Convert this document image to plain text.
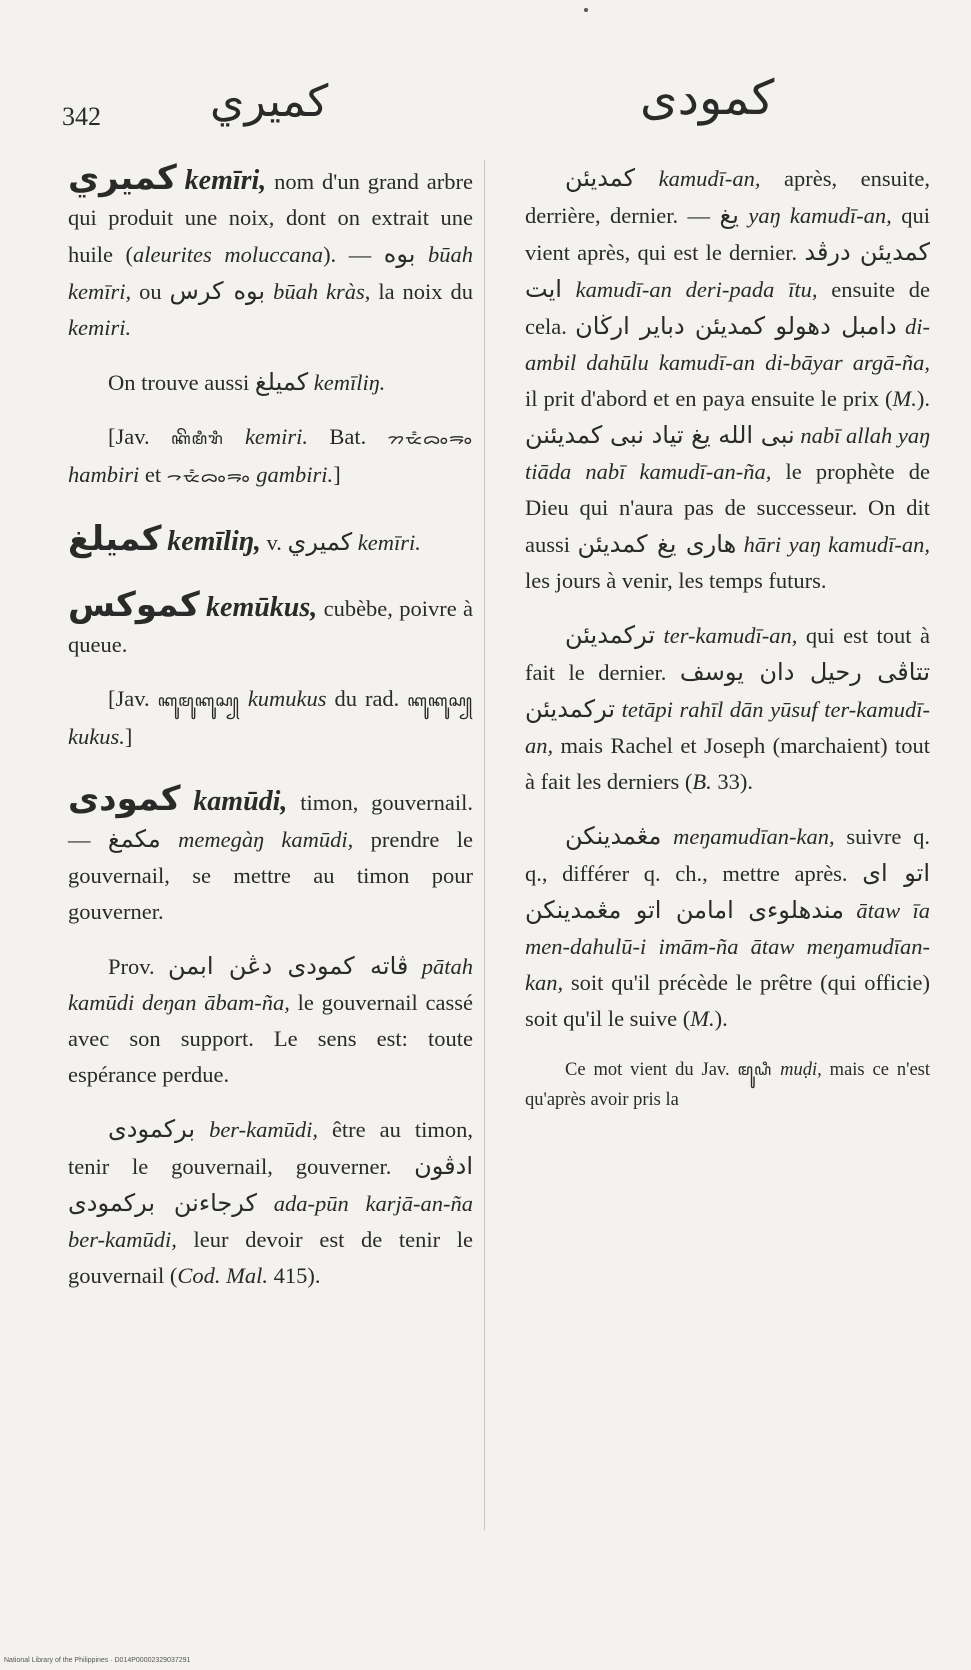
342 كميري	كمودى

كميري kemīri, nom d'un grand arbre qui produit une noix, dont on extrait une huile (aleurites moluccana). — بوه būah kemīri, ou بوه كرس būah kràs, la noix du kemiri.

On trouve aussi كميلغ kemīliŋ.

[Jav. ꦏꦼꦩꦶꦫꦶ kemiri. Bat. ᯂᯔ᯦ᯅᯪᯒᯪ hambiri et ᯎᯔ᯦ᯅᯪᯒᯪ gambiri.]

كميلغ kemīliŋ, v. كميري kemīri.

كموكس kemūkus, cubèbe, poivre à queue.

[Jav. ꦏꦸꦩꦸꦏꦸꦱ꧀ kumukus du rad. ꦏꦸꦏꦸꦱ꧀ kukus.]

كمودى kamūdi, timon, gouvernail. — مكمغ memegàŋ kamūdi, prendre le gouvernail, se mettre au timon pour gouverner.

Prov. ڤاته كمودى دڠن ابمن pātah kamūdi deŋan ābam-ña, le gouvernail cassé avec son support. Le sens est: toute espérance perdue.

بركمودى ber-kamūdi, être au timon, tenir le gouvernail, gouverner. ادڤون كرجاءنن بركمودى ada-pūn karjā-an-ña ber-kamūdi, leur devoir est de tenir le gouvernail (Cod. Mal. 415).

كمديئن kamudī-an, après, ensuite, derrière, dernier. — يغ yaŋ kamudī-an, qui vient après, qui est le dernier. كمديئن درڤد ايت kamudī-an deri-pada ītu, ensuite de cela. دامبل دهولو كمديئن دباير ارڬان di-ambil dahūlu kamudī-an di-bāyar argā-ña, il prit d'abord et en paya ensuite le prix (M.). نبى الله يغ تياد نبى كمديئنن nabī allah yaŋ tiāda nabī kamudī-an-ña, le prophète de Dieu qui n'aura pas de successeur. On dit aussi هارى يغ كمديئن hāri yaŋ kamudī-an, les jours à venir, les temps futurs.

تركمديئن ter-kamudī-an, qui est tout à fait le dernier. تتاڤى رحيل دان يوسف تركمديئن tetāpi rahīl dān yūsuf ter-kamudī-an, mais Rachel et Joseph (marchaient) tout à fait les derniers (B. 33).

مڠمدينكن meŋamudīan-kan, suivre q. q., différer q. ch., mettre après. اتو اى مندهلوءى امامن اتو مڠمدينكن ātaw īa men-dahulū-i imām-ña ātaw meŋamudīan-kan, soit qu'il précède le prêtre (qui officie) soit qu'il le suive (M.).

Ce mot vient du Jav. ꦩꦸꦝꦶ muḍi, mais ce n'est qu'après avoir pris la

National Library of the Philippines · D014P00002329037291
